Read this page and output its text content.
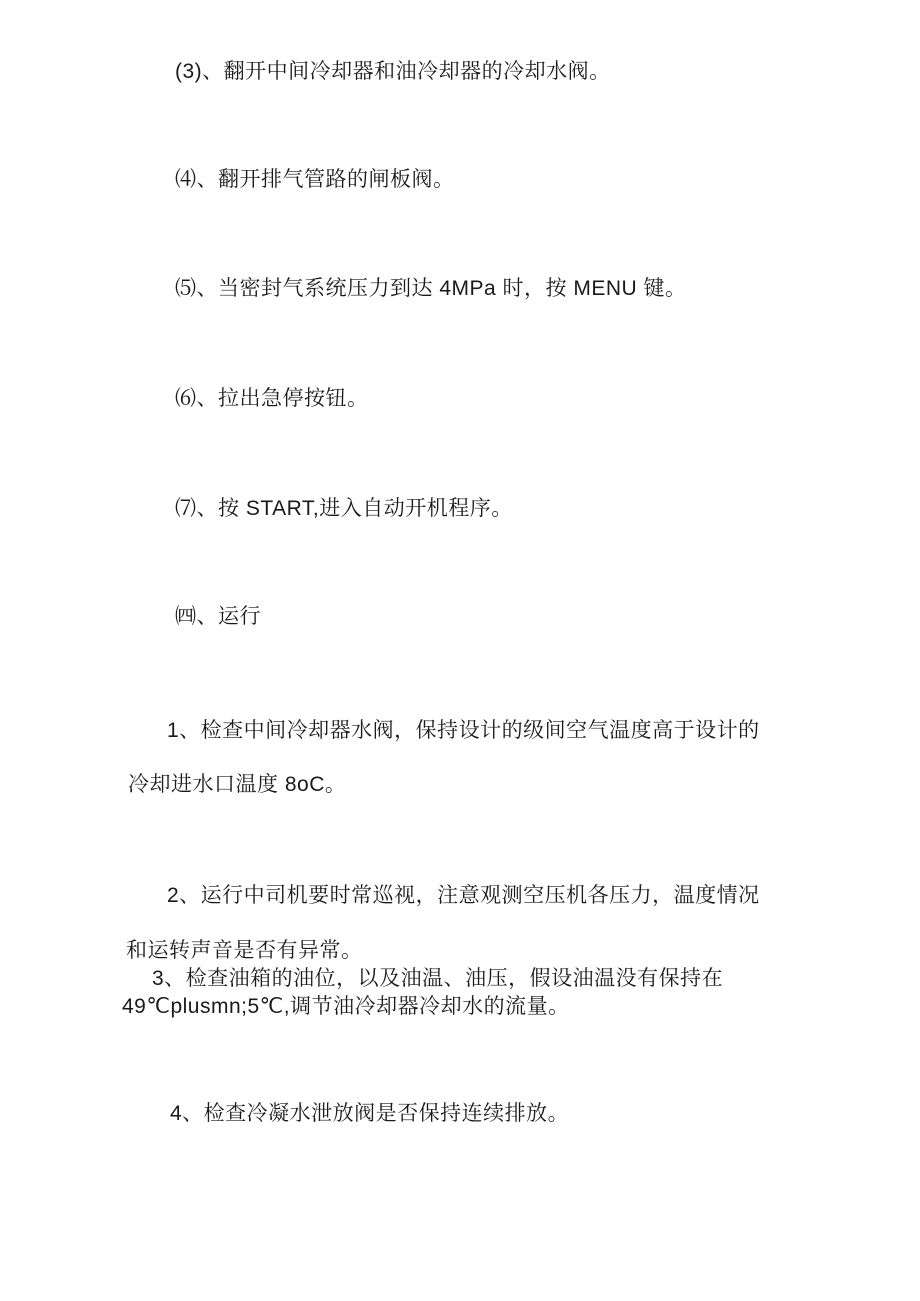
(3)、翻开中间冷却器和油冷却器的冷却水阀。
⑷、翻开排气管路的闸板阀。
⑸、当密封气系统压力到达 4MPa 时，按 MENU 键。
⑹、拉出急停按钮。
⑺、按 START,进入自动开机程序。
㈣、运行
1、检查中间冷却器水阀，保持设计的级间空气温度高于设计的
冷却进水口温度 8oC。
2、运行中司机要时常巡视，注意观测空压机各压力，温度情况
和运转声音是否有异常。
3、检查油箱的油位，以及油温、油压，假设油温没有保持在
49℃plusmn;5℃,调节油冷却器冷却水的流量。
4、检查冷凝水泄放阀是否保持连续排放。
